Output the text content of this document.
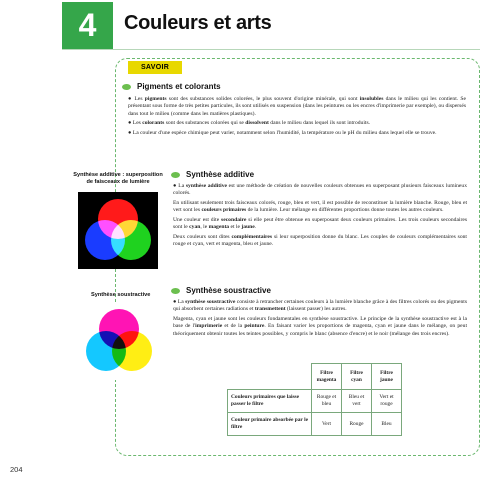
4	Couleurs et arts
SAVOIR
Pigments et colorants

● Les pigments sont des substances solides colorées, le plus souvent d'origine minérale, qui sont insolubles dans le milieu qui les contient. Se présentant sous forme de très petites particules, ils sont utilisés en suspension (dans les peintures ou les encres d'imprimerie par exemple), ou dispersés dans tout le milieu (comme dans les matières plastiques).

● Les colorants sont des substances colorées qui se dissolvent dans le milieu dans lequel ils sont introduits.

● La couleur d'une espèce chimique peut varier, notamment selon l'humidité, la température ou le pH du milieu dans lequel elle se trouve.

Synthèse additive : superposition de faisceaux de lumière
Synthèse additive

● La synthèse additive est une méthode de création de nouvelles couleurs obtenues en superposant plusieurs faisceaux lumineux colorés.

En utilisant seulement trois faisceaux colorés, rouge, bleu et vert, il est possible de reconstituer la lumière blanche. Rouge, bleu et vert sont les couleurs primaires de la lumière. Leur mélange en différentes proportions donne toutes les autres couleurs.

Une couleur est dite secondaire si elle peut être obtenue en superposant deux couleurs primaires. Les trois couleurs secondaires sont le cyan, le magenta et le jaune.

Deux couleurs sont dites complémentaires si leur superposition donne du blanc. Les couples de couleurs complémentaires sont rouge et cyan, vert et magenta, bleu et jaune.

Synthèse soustractive	Synthèse soustractive

● La synthèse soustractive consiste à retrancher certaines couleurs à la lumière blanche grâce à des filtres colorés ou des pigments qui absorbent certaines radiations et transmettent (laissent passer) les autres.

Magenta, cyan et jaune sont les couleurs fondamentales en synthèse soustractive. Le principe de la synthèse soustractive est à la base de l'imprimerie et de la peinture. En faisant varier les proportions de magenta, cyan et jaune dans le mélange, on peut théoriquement obtenir toutes les teintes possibles, y compris le blanc (absence d'encre) et le noir (mélange des trois encres).

	Filtre magenta	Filtre cyan	Filtre jaune
Couleurs primaires que laisse passer le filtre	Rouge et bleu	Bleu et vert	Vert et rouge
Couleur primaire absorbée par le filtre	Vert	Rouge	Bleu
204
